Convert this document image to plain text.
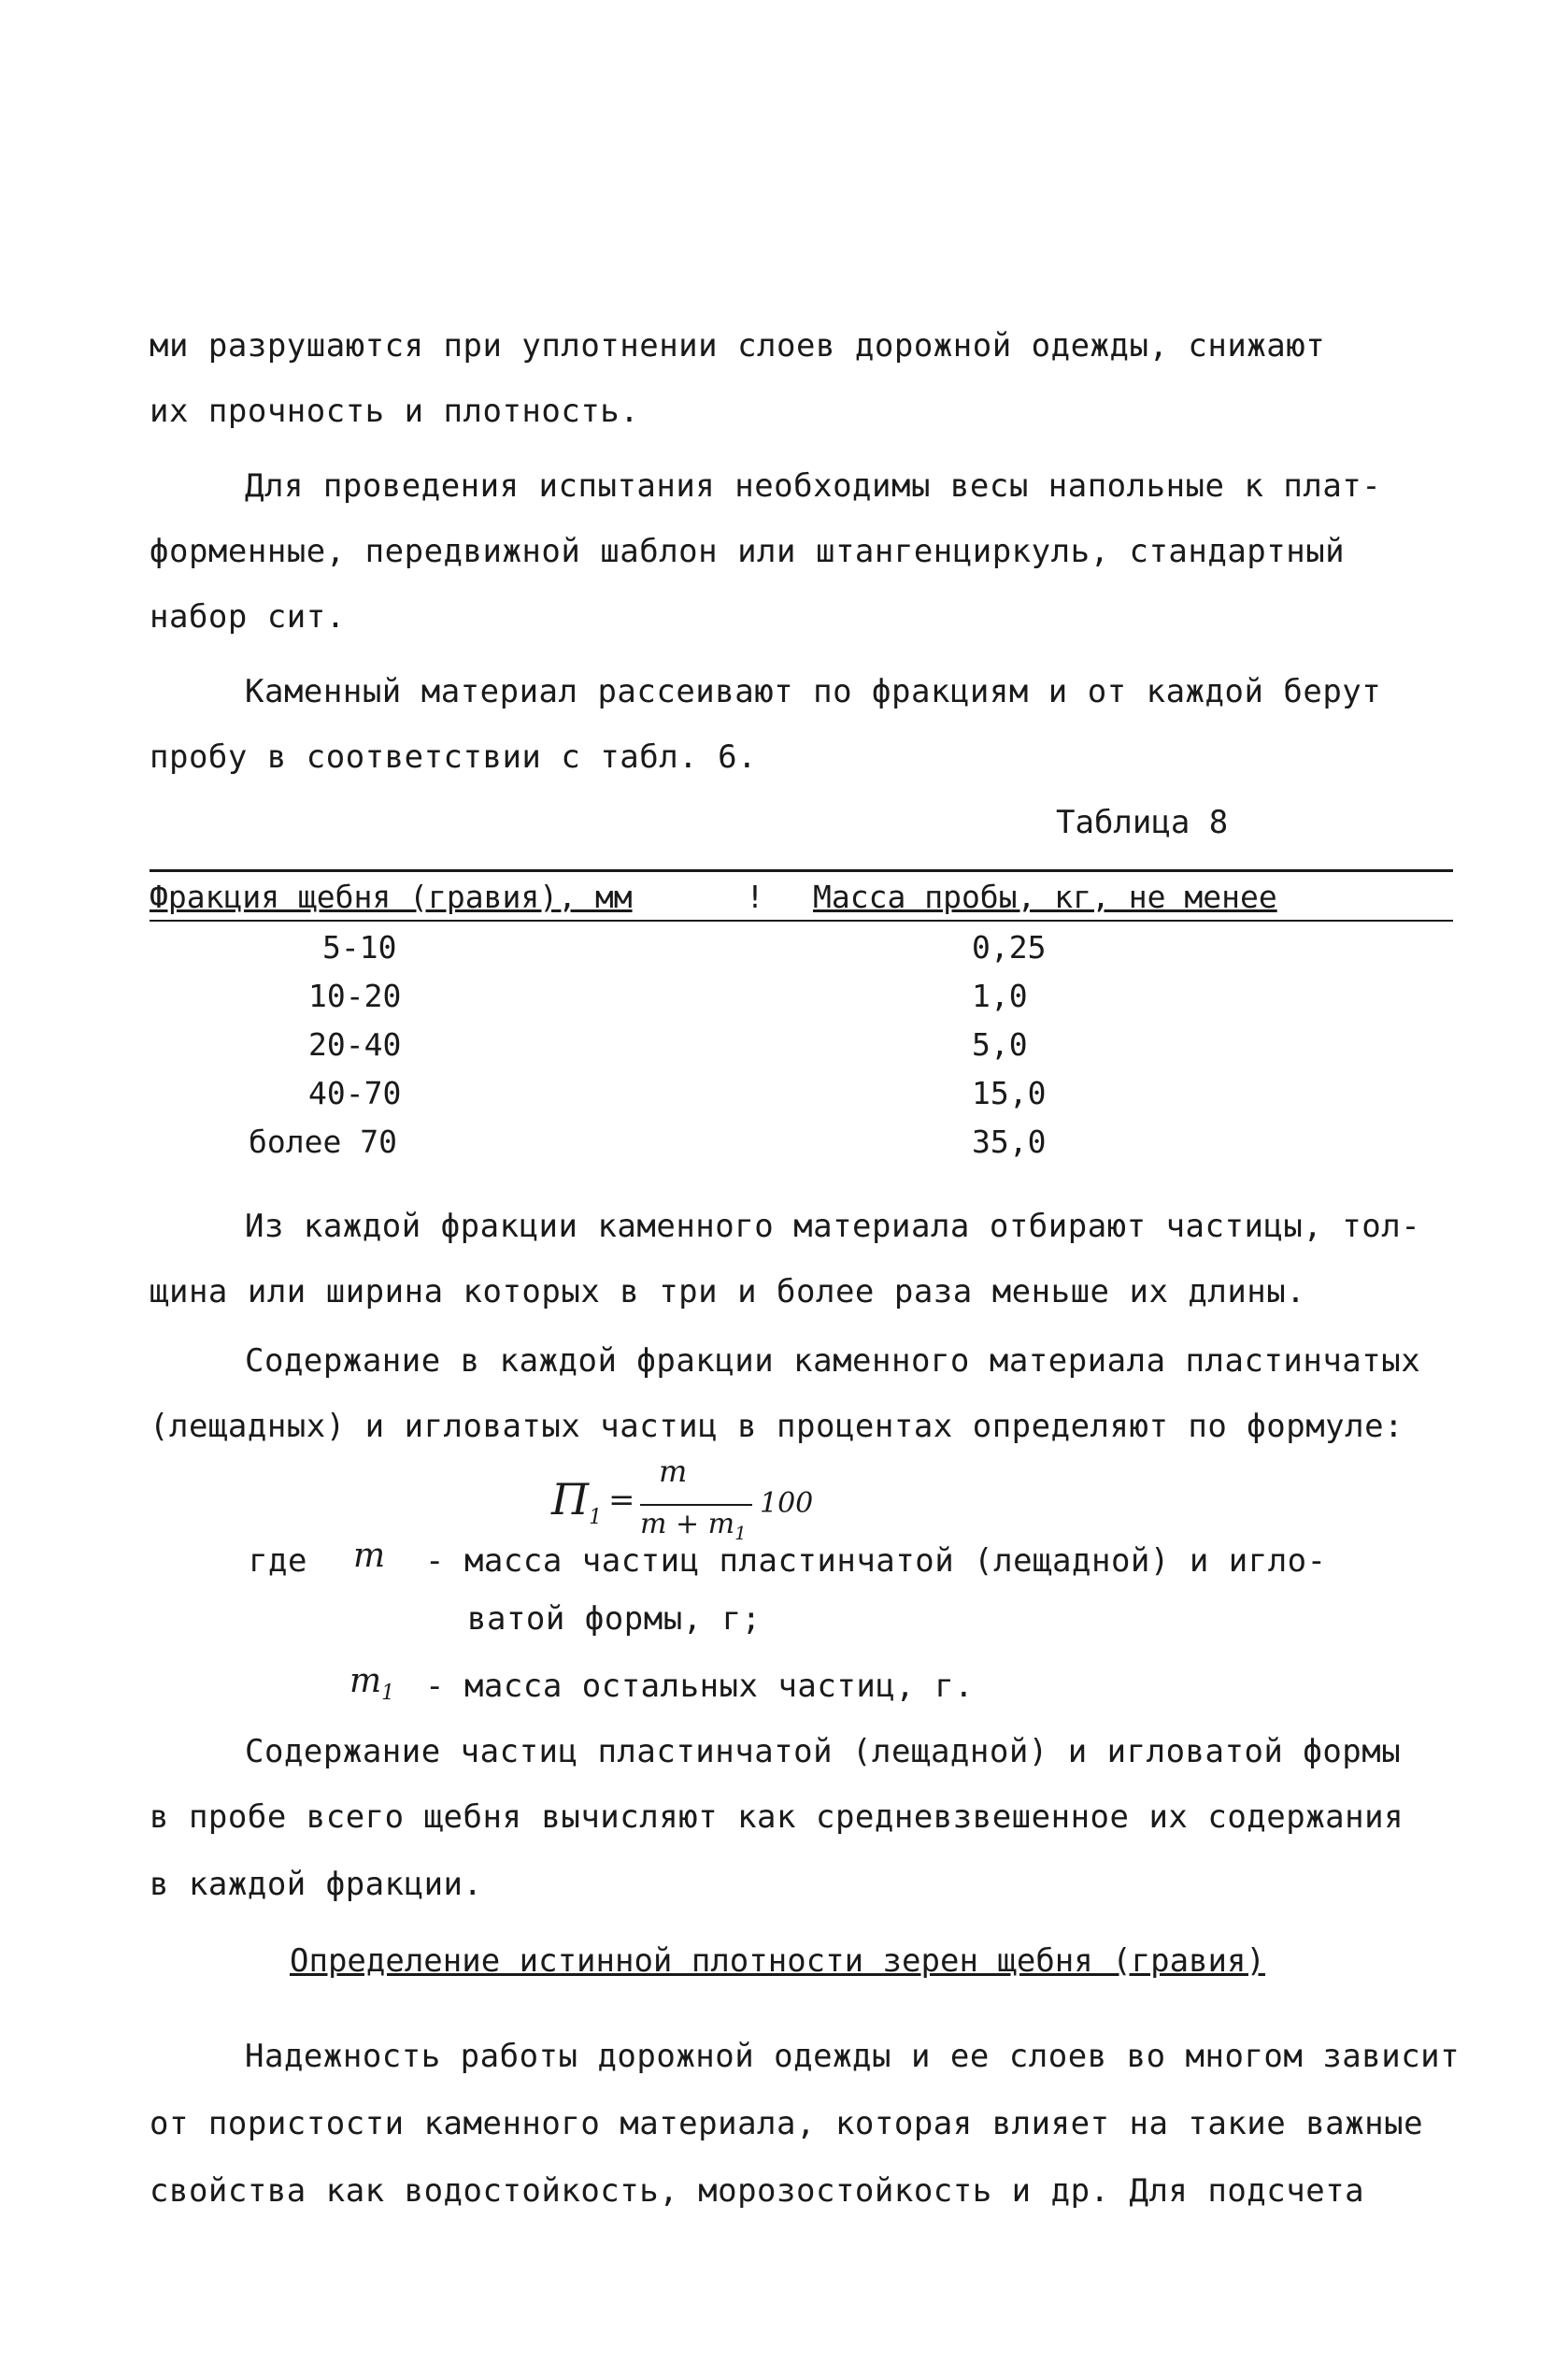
ми разрушаются при уплотнении слоев дорожной одежды, снижают
их прочность и плотность.
Для проведения испытания необходимы весы напольные к плат-
форменные, передвижной шаблон или штангенциркуль, стандартный
набор сит.
Каменный материал рассеивают по фракциям и от каждой берут
пробу в соответствии с табл. 6.
Таблица 8
Фракция щебня (гравия), мм	! Масса пробы, кг, не менее
5-10	0,25
10-20	1,0
20-40	5,0
40-70	15,0
более 70	35,0
Из каждой фракции каменного материала отбирают частицы, тол-
щина или ширина которых в три и более раза меньше их длины.
Содержание в каждой фракции каменного материала пластинчатых
(лещадных) и игловатых частиц в процентах определяют по формуле:
$П_1$ =
m
$m + m_1$
100
где m - масса частиц пластинчатой (лещадной) и игло-
ватой формы, г;
$m_1$ - масса остальных частиц, г.
Содержание частиц пластинчатой (лещадной) и игловатой формы
в пробе всего щебня вычисляют как средневзвешенное их содержания
в каждой фракции.
Определение истинной плотности зерен щебня (гравия)
Надежность работы дорожной одежды и ее слоев во многом зависит
от пористости каменного материала, которая влияет на такие важные
свойства как водостойкость, морозостойкость и др. Для подсчета
